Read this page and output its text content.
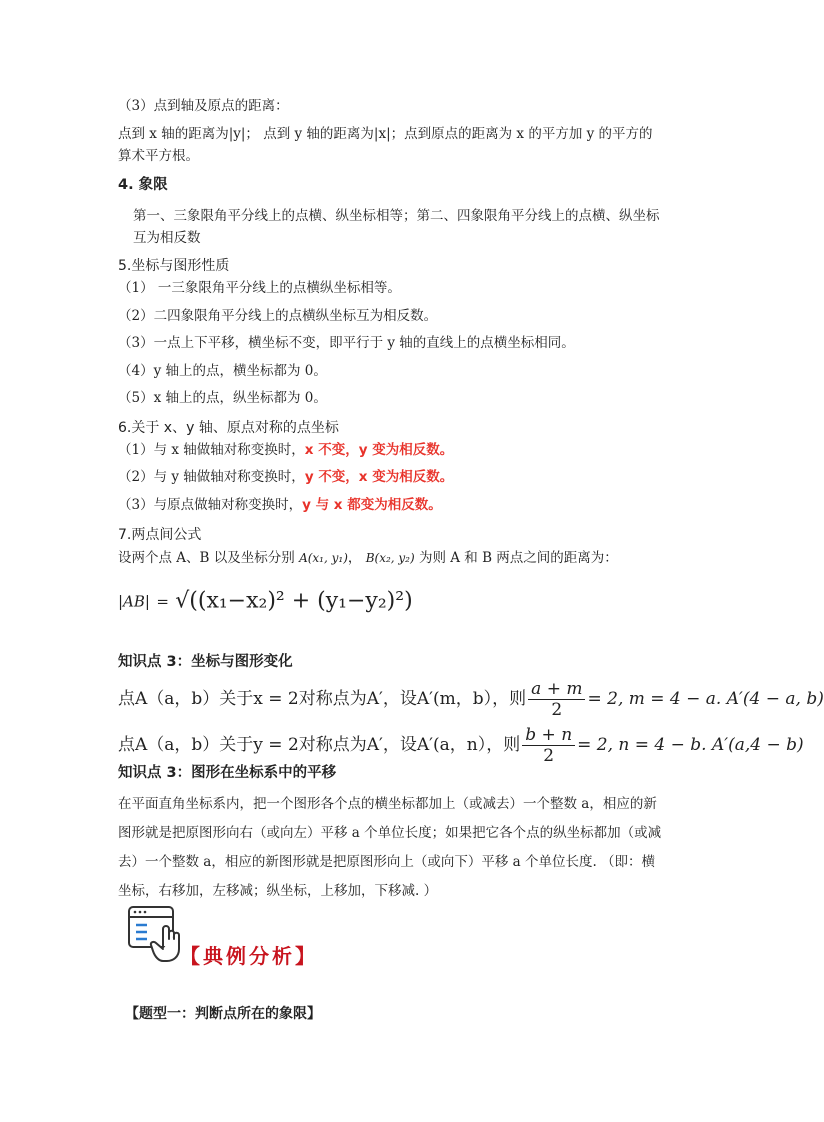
（3）点到轴及原点的距离：
点到 x 轴的距离为|y|； 点到 y 轴的距离为|x|；点到原点的距离为 x 的平方加 y 的平方的
算术平方根。
4. 象限
第一、三象限角平分线上的点横、纵坐标相等；第二、四象限角平分线上的点横、纵坐标
互为相反数
5.坐标与图形性质
（1） 一三象限角平分线上的点横纵坐标相等。
（2）二四象限角平分线上的点横纵坐标互为相反数。
（3）一点上下平移，横坐标不变，即平行于 y 轴的直线上的点横坐标相同。
（4）y 轴上的点，横坐标都为 0。
（5）x 轴上的点，纵坐标都为 0。
6.关于 x、y 轴、原点对称的点坐标
（1）与 x 轴做轴对称变换时，x 不变，y 变为相反数。
（2）与 y 轴做轴对称变换时，y 不变，x 变为相反数。
（3）与原点做轴对称变换时，y 与 x 都变为相反数。
7.两点间公式
设两个点 A、B 以及坐标分别 A(x₁, y₁)， B(x₂, y₂) 为则 A 和 B 两点之间的距离为：
|AB| = √((x₁−x₂)² + (y₁−y₂)²)
知识点 3：坐标与图形变化
点A（a，b）关于x = 2对称点为A′，设A′(m，b），则 $\frac{a + m}{2} = 2$, m = 4 − a. A′(4 − a, b)
点A（a，b）关于y = 2对称点为A′，设A′(a，n），则 $\frac{b + n}{2} = 2$, n = 4 − b. A′(a,4 − b)
知识点 3：图形在坐标系中的平移
在平面直角坐标系内，把一个图形各个点的横坐标都加上（或减去）一个整数 a，相应的新
图形就是把原图形向右（或向左）平移 a 个单位长度；如果把它各个点的纵坐标都加（或减
去）一个整数 a，相应的新图形就是把原图形向上（或向下）平移 a 个单位长度. （即：横
坐标，右移加，左移减；纵坐标，上移加，下移减. ）
【典例分析】
【题型一：判断点所在的象限】
